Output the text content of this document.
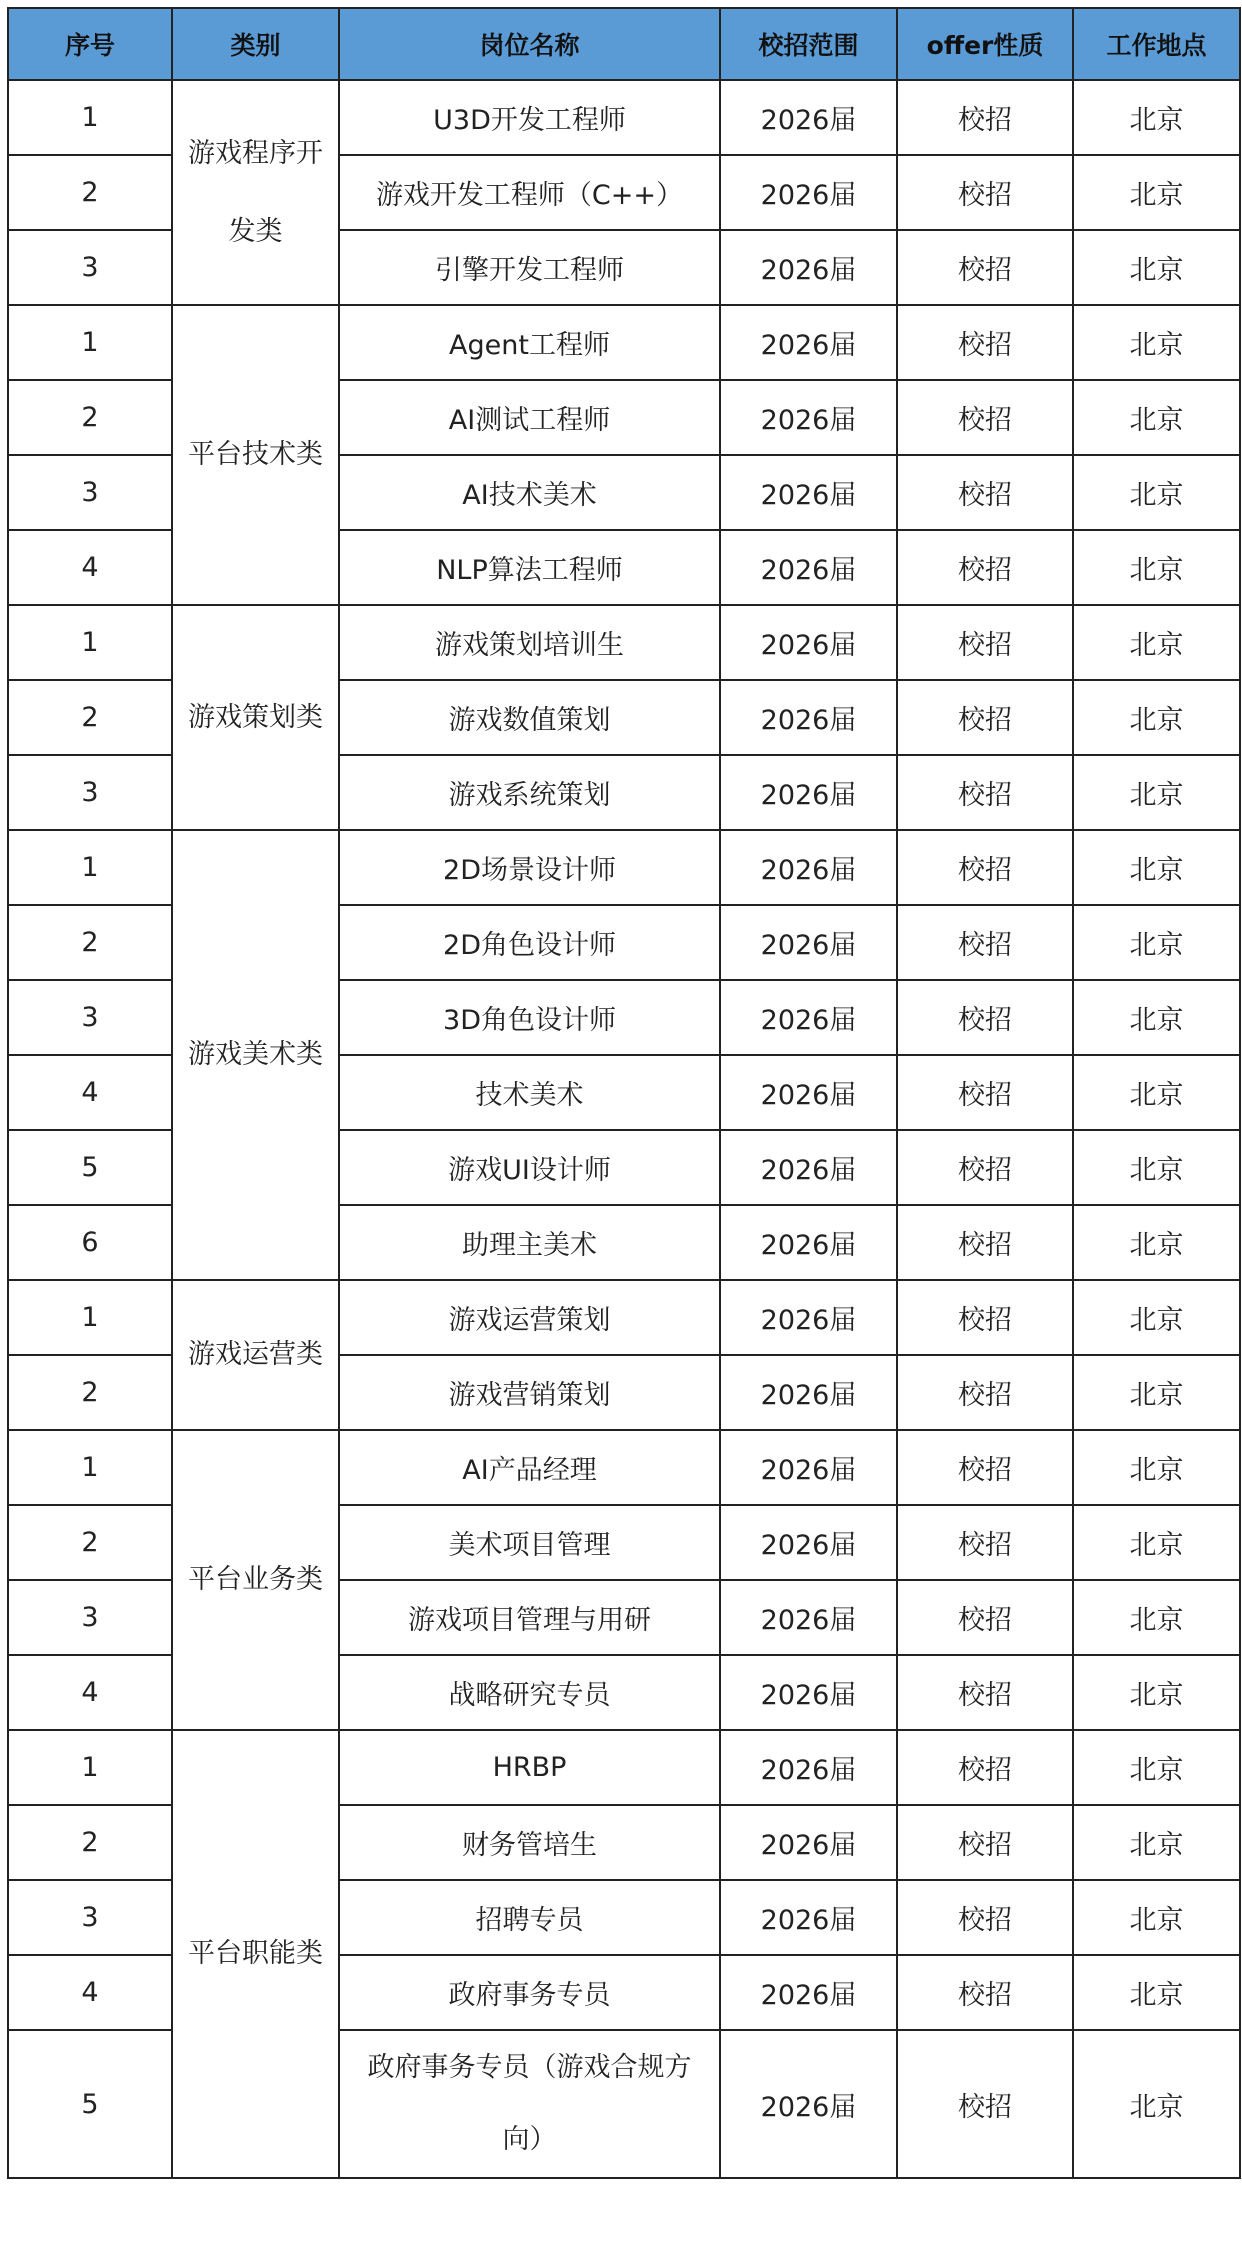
序号	类别	岗位名称	校招范围	offer性质	工作地点
1	游戏程序开发类	U3D开发工程师	2026届	校招	北京
2		游戏开发工程师（C++）	2026届	校招	北京
3		引擎开发工程师	2026届	校招	北京
1	平台技术类	Agent工程师	2026届	校招	北京
2		AI测试工程师	2026届	校招	北京
3		AI技术美术	2026届	校招	北京
4		NLP算法工程师	2026届	校招	北京
1	游戏策划类	游戏策划培训生	2026届	校招	北京
2		游戏数值策划	2026届	校招	北京
3		游戏系统策划	2026届	校招	北京
1	游戏美术类	2D场景设计师	2026届	校招	北京
2		2D角色设计师	2026届	校招	北京
3		3D角色设计师	2026届	校招	北京
4		技术美术	2026届	校招	北京
5		游戏UI设计师	2026届	校招	北京
6		助理主美术	2026届	校招	北京
1	游戏运营类	游戏运营策划	2026届	校招	北京
2		游戏营销策划	2026届	校招	北京
1	平台业务类	AI产品经理	2026届	校招	北京
2		美术项目管理	2026届	校招	北京
3		游戏项目管理与用研	2026届	校招	北京
4		战略研究专员	2026届	校招	北京
1	平台职能类	HRBP	2026届	校招	北京
2		财务管培生	2026届	校招	北京
3		招聘专员	2026届	校招	北京
4		政府事务专员	2026届	校招	北京
5		政府事务专员（游戏合规方向）	2026届	校招	北京
